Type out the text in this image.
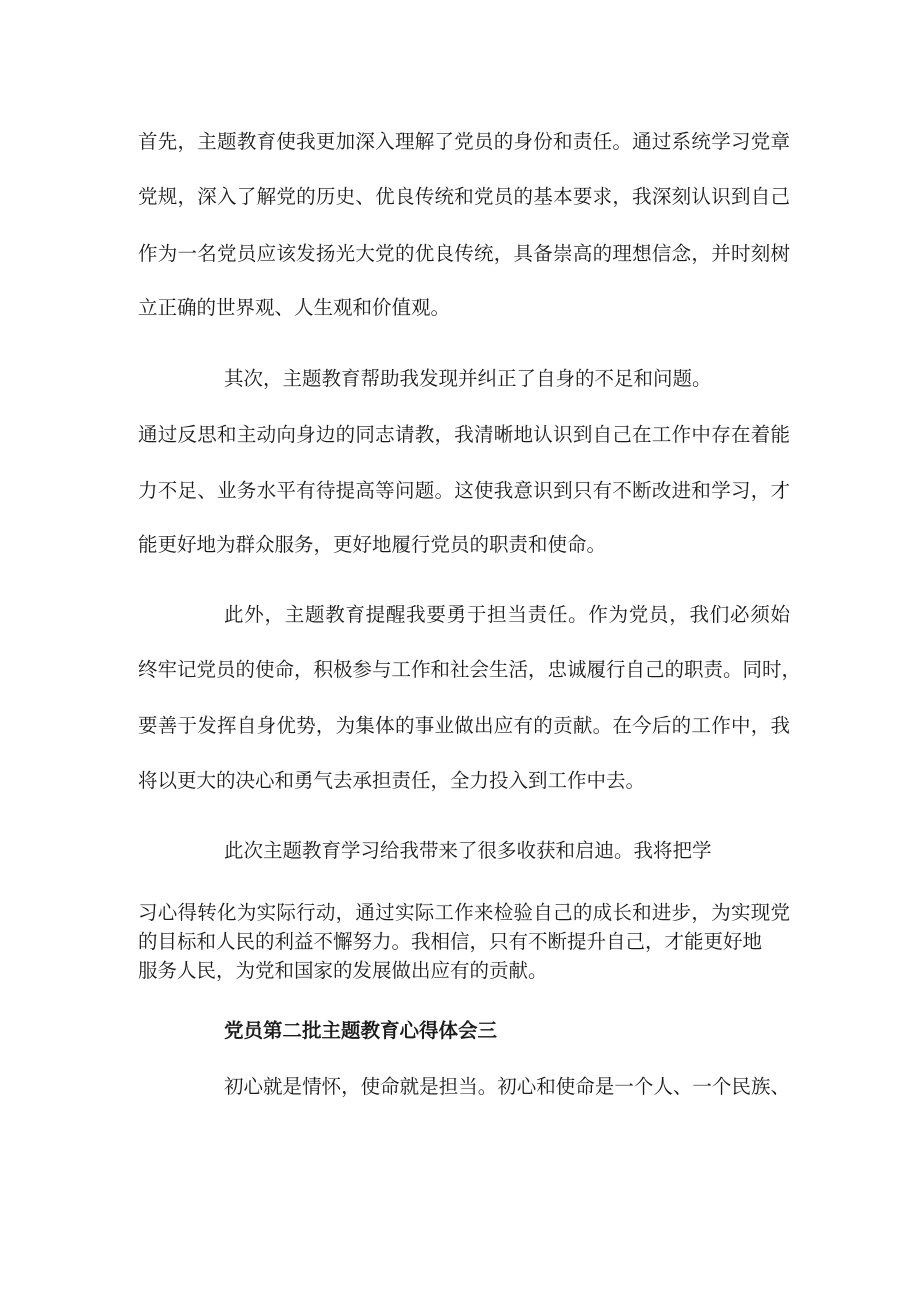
首先，主题教育使我更加深入理解了党员的身份和责任。通过系统学习党章
党规，深入了解党的历史、优良传统和党员的基本要求，我深刻认识到自己
作为一名党员应该发扬光大党的优良传统，具备崇高的理想信念，并时刻树
立正确的世界观、人生观和价值观。
其次，主题教育帮助我发现并纠正了自身的不足和问题。
通过反思和主动向身边的同志请教，我清晰地认识到自己在工作中存在着能
力不足、业务水平有待提高等问题。这使我意识到只有不断改进和学习，才
能更好地为群众服务，更好地履行党员的职责和使命。
此外，主题教育提醒我要勇于担当责任。作为党员，我们必须始
终牢记党员的使命，积极参与工作和社会生活，忠诚履行自己的职责。同时，
要善于发挥自身优势，为集体的事业做出应有的贡献。在今后的工作中，我
将以更大的决心和勇气去承担责任，全力投入到工作中去。
此次主题教育学习给我带来了很多收获和启迪。我将把学
习心得转化为实际行动，通过实际工作来检验自己的成长和进步，为实现党
的目标和人民的利益不懈努力。我相信，只有不断提升自己，才能更好地
服务人民，为党和国家的发展做出应有的贡献。
党员第二批主题教育心得体会三
初心就是情怀，使命就是担当。初心和使命是一个人、一个民族、
